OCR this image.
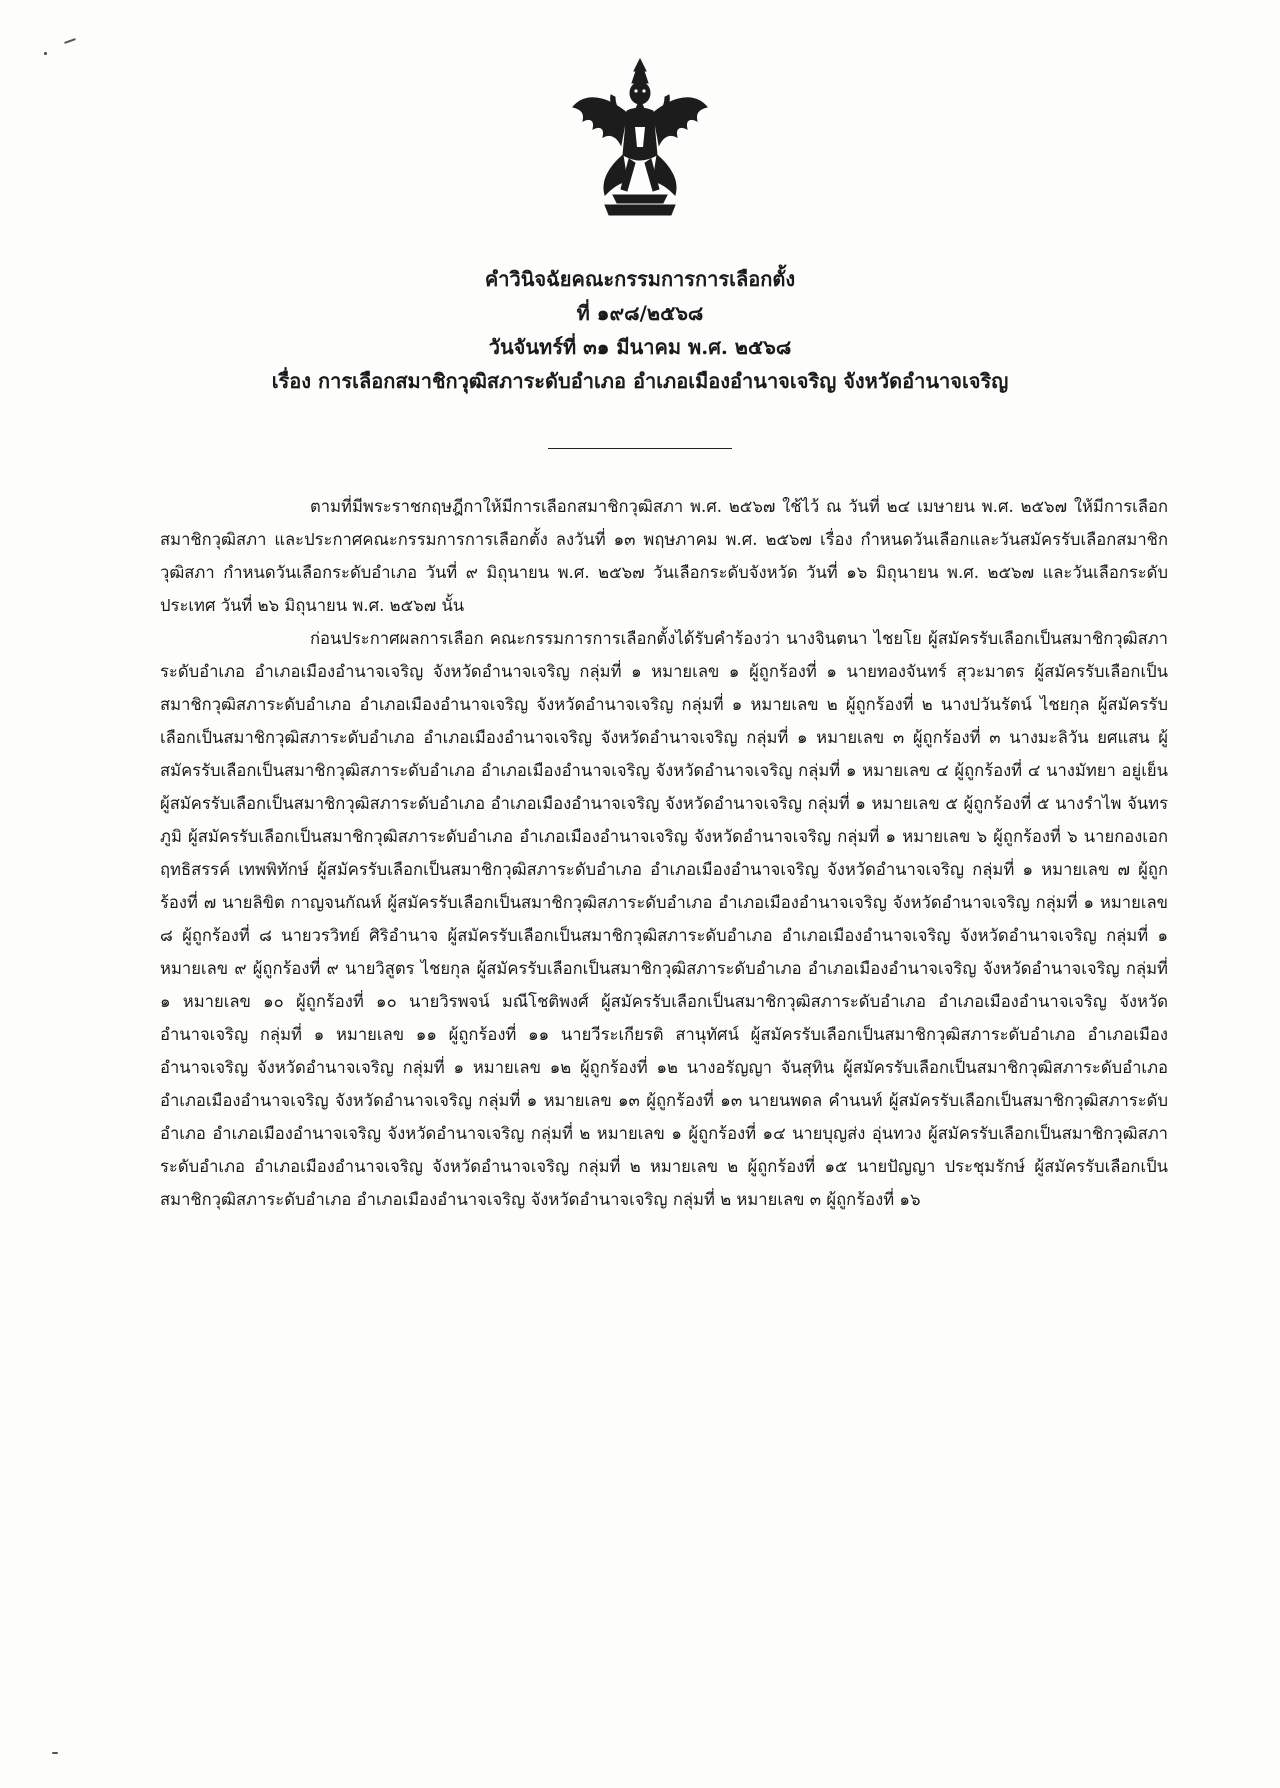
คำวินิจฉัยคณะกรรมการการเลือกตั้ง
ที่ ๑๙๘/๒๕๖๘
วันจันทร์ที่ ๓๑ มีนาคม พ.ศ. ๒๕๖๘
เรื่อง การเลือกสมาชิกวุฒิสภาระดับอำเภอ อำเภอเมืองอำนาจเจริญ จังหวัดอำนาจเจริญ

ตามที่มีพระราชกฤษฎีกาให้มีการเลือกสมาชิกวุฒิสภา พ.ศ. ๒๕๖๗ ใช้ไว้ ณ วันที่ ๒๔ เมษายน พ.ศ. ๒๕๖๗ ให้มีการเลือกสมาชิกวุฒิสภา และประกาศคณะกรรมการการเลือกตั้ง ลงวันที่ ๑๓ พฤษภาคม พ.ศ. ๒๕๖๗ เรื่อง กำหนดวันเลือกและวันสมัครรับเลือกสมาชิกวุฒิสภา กำหนดวันเลือกระดับอำเภอ วันที่ ๙ มิถุนายน พ.ศ. ๒๕๖๗ วันเลือกระดับจังหวัด วันที่ ๑๖ มิถุนายน พ.ศ. ๒๕๖๗ และวันเลือกระดับประเทศ วันที่ ๒๖ มิถุนายน พ.ศ. ๒๕๖๗ นั้น

ก่อนประกาศผลการเลือก คณะกรรมการการเลือกตั้งได้รับคำร้องว่า นางจินตนา ไชยโย ผู้สมัครรับเลือกเป็นสมาชิกวุฒิสภาระดับอำเภอ อำเภอเมืองอำนาจเจริญ จังหวัดอำนาจเจริญ กลุ่มที่ ๑ หมายเลข ๑ ผู้ถูกร้องที่ ๑ นายทองจันทร์ สุวะมาตร ผู้สมัครรับเลือกเป็นสมาชิกวุฒิสภาระดับอำเภอ อำเภอเมืองอำนาจเจริญ จังหวัดอำนาจเจริญ กลุ่มที่ ๑ หมายเลข ๒ ผู้ถูกร้องที่ ๒ นางปวันรัตน์ ไชยกุล ผู้สมัครรับเลือกเป็นสมาชิกวุฒิสภาระดับอำเภอ อำเภอเมืองอำนาจเจริญ จังหวัดอำนาจเจริญ กลุ่มที่ ๑ หมายเลข ๓ ผู้ถูกร้องที่ ๓ นางมะลิวัน ยศแสน ผู้สมัครรับเลือกเป็นสมาชิกวุฒิสภาระดับอำเภอ อำเภอเมืองอำนาจเจริญ จังหวัดอำนาจเจริญ กลุ่มที่ ๑ หมายเลข ๔ ผู้ถูกร้องที่ ๔ นางมัทยา อยู่เย็น ผู้สมัครรับเลือกเป็นสมาชิกวุฒิสภาระดับอำเภอ อำเภอเมืองอำนาจเจริญ จังหวัดอำนาจเจริญ กลุ่มที่ ๑ หมายเลข ๕ ผู้ถูกร้องที่ ๕ นางรำไพ จันทรภูมิ ผู้สมัครรับเลือกเป็นสมาชิกวุฒิสภาระดับอำเภอ อำเภอเมืองอำนาจเจริญ จังหวัดอำนาจเจริญ กลุ่มที่ ๑ หมายเลข ๖ ผู้ถูกร้องที่ ๖ นายกองเอก ฤทธิสรรค์ เทพพิทักษ์ ผู้สมัครรับเลือกเป็นสมาชิกวุฒิสภาระดับอำเภอ อำเภอเมืองอำนาจเจริญ จังหวัดอำนาจเจริญ กลุ่มที่ ๑ หมายเลข ๗ ผู้ถูกร้องที่ ๗ นายลิขิต กาญจนกัณห์ ผู้สมัครรับเลือกเป็นสมาชิกวุฒิสภาระดับอำเภอ อำเภอเมืองอำนาจเจริญ จังหวัดอำนาจเจริญ กลุ่มที่ ๑ หมายเลข ๘ ผู้ถูกร้องที่ ๘ นายวรวิทย์ ศิริอำนาจ ผู้สมัครรับเลือกเป็นสมาชิกวุฒิสภาระดับอำเภอ อำเภอเมืองอำนาจเจริญ จังหวัดอำนาจเจริญ กลุ่มที่ ๑ หมายเลข ๙ ผู้ถูกร้องที่ ๙ นายวิสูตร ไชยกุล ผู้สมัครรับเลือกเป็นสมาชิกวุฒิสภาระดับอำเภอ อำเภอเมืองอำนาจเจริญ จังหวัดอำนาจเจริญ กลุ่มที่ ๑ หมายเลข ๑๐ ผู้ถูกร้องที่ ๑๐ นายวิรพจน์ มณีโชติพงศ์ ผู้สมัครรับเลือกเป็นสมาชิกวุฒิสภาระดับอำเภอ อำเภอเมืองอำนาจเจริญ จังหวัดอำนาจเจริญ กลุ่มที่ ๑ หมายเลข ๑๑ ผู้ถูกร้องที่ ๑๑ นายวีระเกียรติ สานุทัศน์ ผู้สมัครรับเลือกเป็นสมาชิกวุฒิสภาระดับอำเภอ อำเภอเมืองอำนาจเจริญ จังหวัดอำนาจเจริญ กลุ่มที่ ๑ หมายเลข ๑๒ ผู้ถูกร้องที่ ๑๒ นางอรัญญา จันสุทิน ผู้สมัครรับเลือกเป็นสมาชิกวุฒิสภาระดับอำเภอ อำเภอเมืองอำนาจเจริญ จังหวัดอำนาจเจริญ กลุ่มที่ ๑ หมายเลข ๑๓ ผู้ถูกร้องที่ ๑๓ นายนพดล คำนนท์ ผู้สมัครรับเลือกเป็นสมาชิกวุฒิสภาระดับอำเภอ อำเภอเมืองอำนาจเจริญ จังหวัดอำนาจเจริญ กลุ่มที่ ๒ หมายเลข ๑ ผู้ถูกร้องที่ ๑๔ นายบุญส่ง อุ่นทวง ผู้สมัครรับเลือกเป็นสมาชิกวุฒิสภาระดับอำเภอ อำเภอเมืองอำนาจเจริญ จังหวัดอำนาจเจริญ กลุ่มที่ ๒ หมายเลข ๒ ผู้ถูกร้องที่ ๑๕ นายปัญญา ประชุมรักษ์ ผู้สมัครรับเลือกเป็นสมาชิกวุฒิสภาระดับอำเภอ อำเภอเมืองอำนาจเจริญ จังหวัดอำนาจเจริญ กลุ่มที่ ๒ หมายเลข ๓ ผู้ถูกร้องที่ ๑๖
